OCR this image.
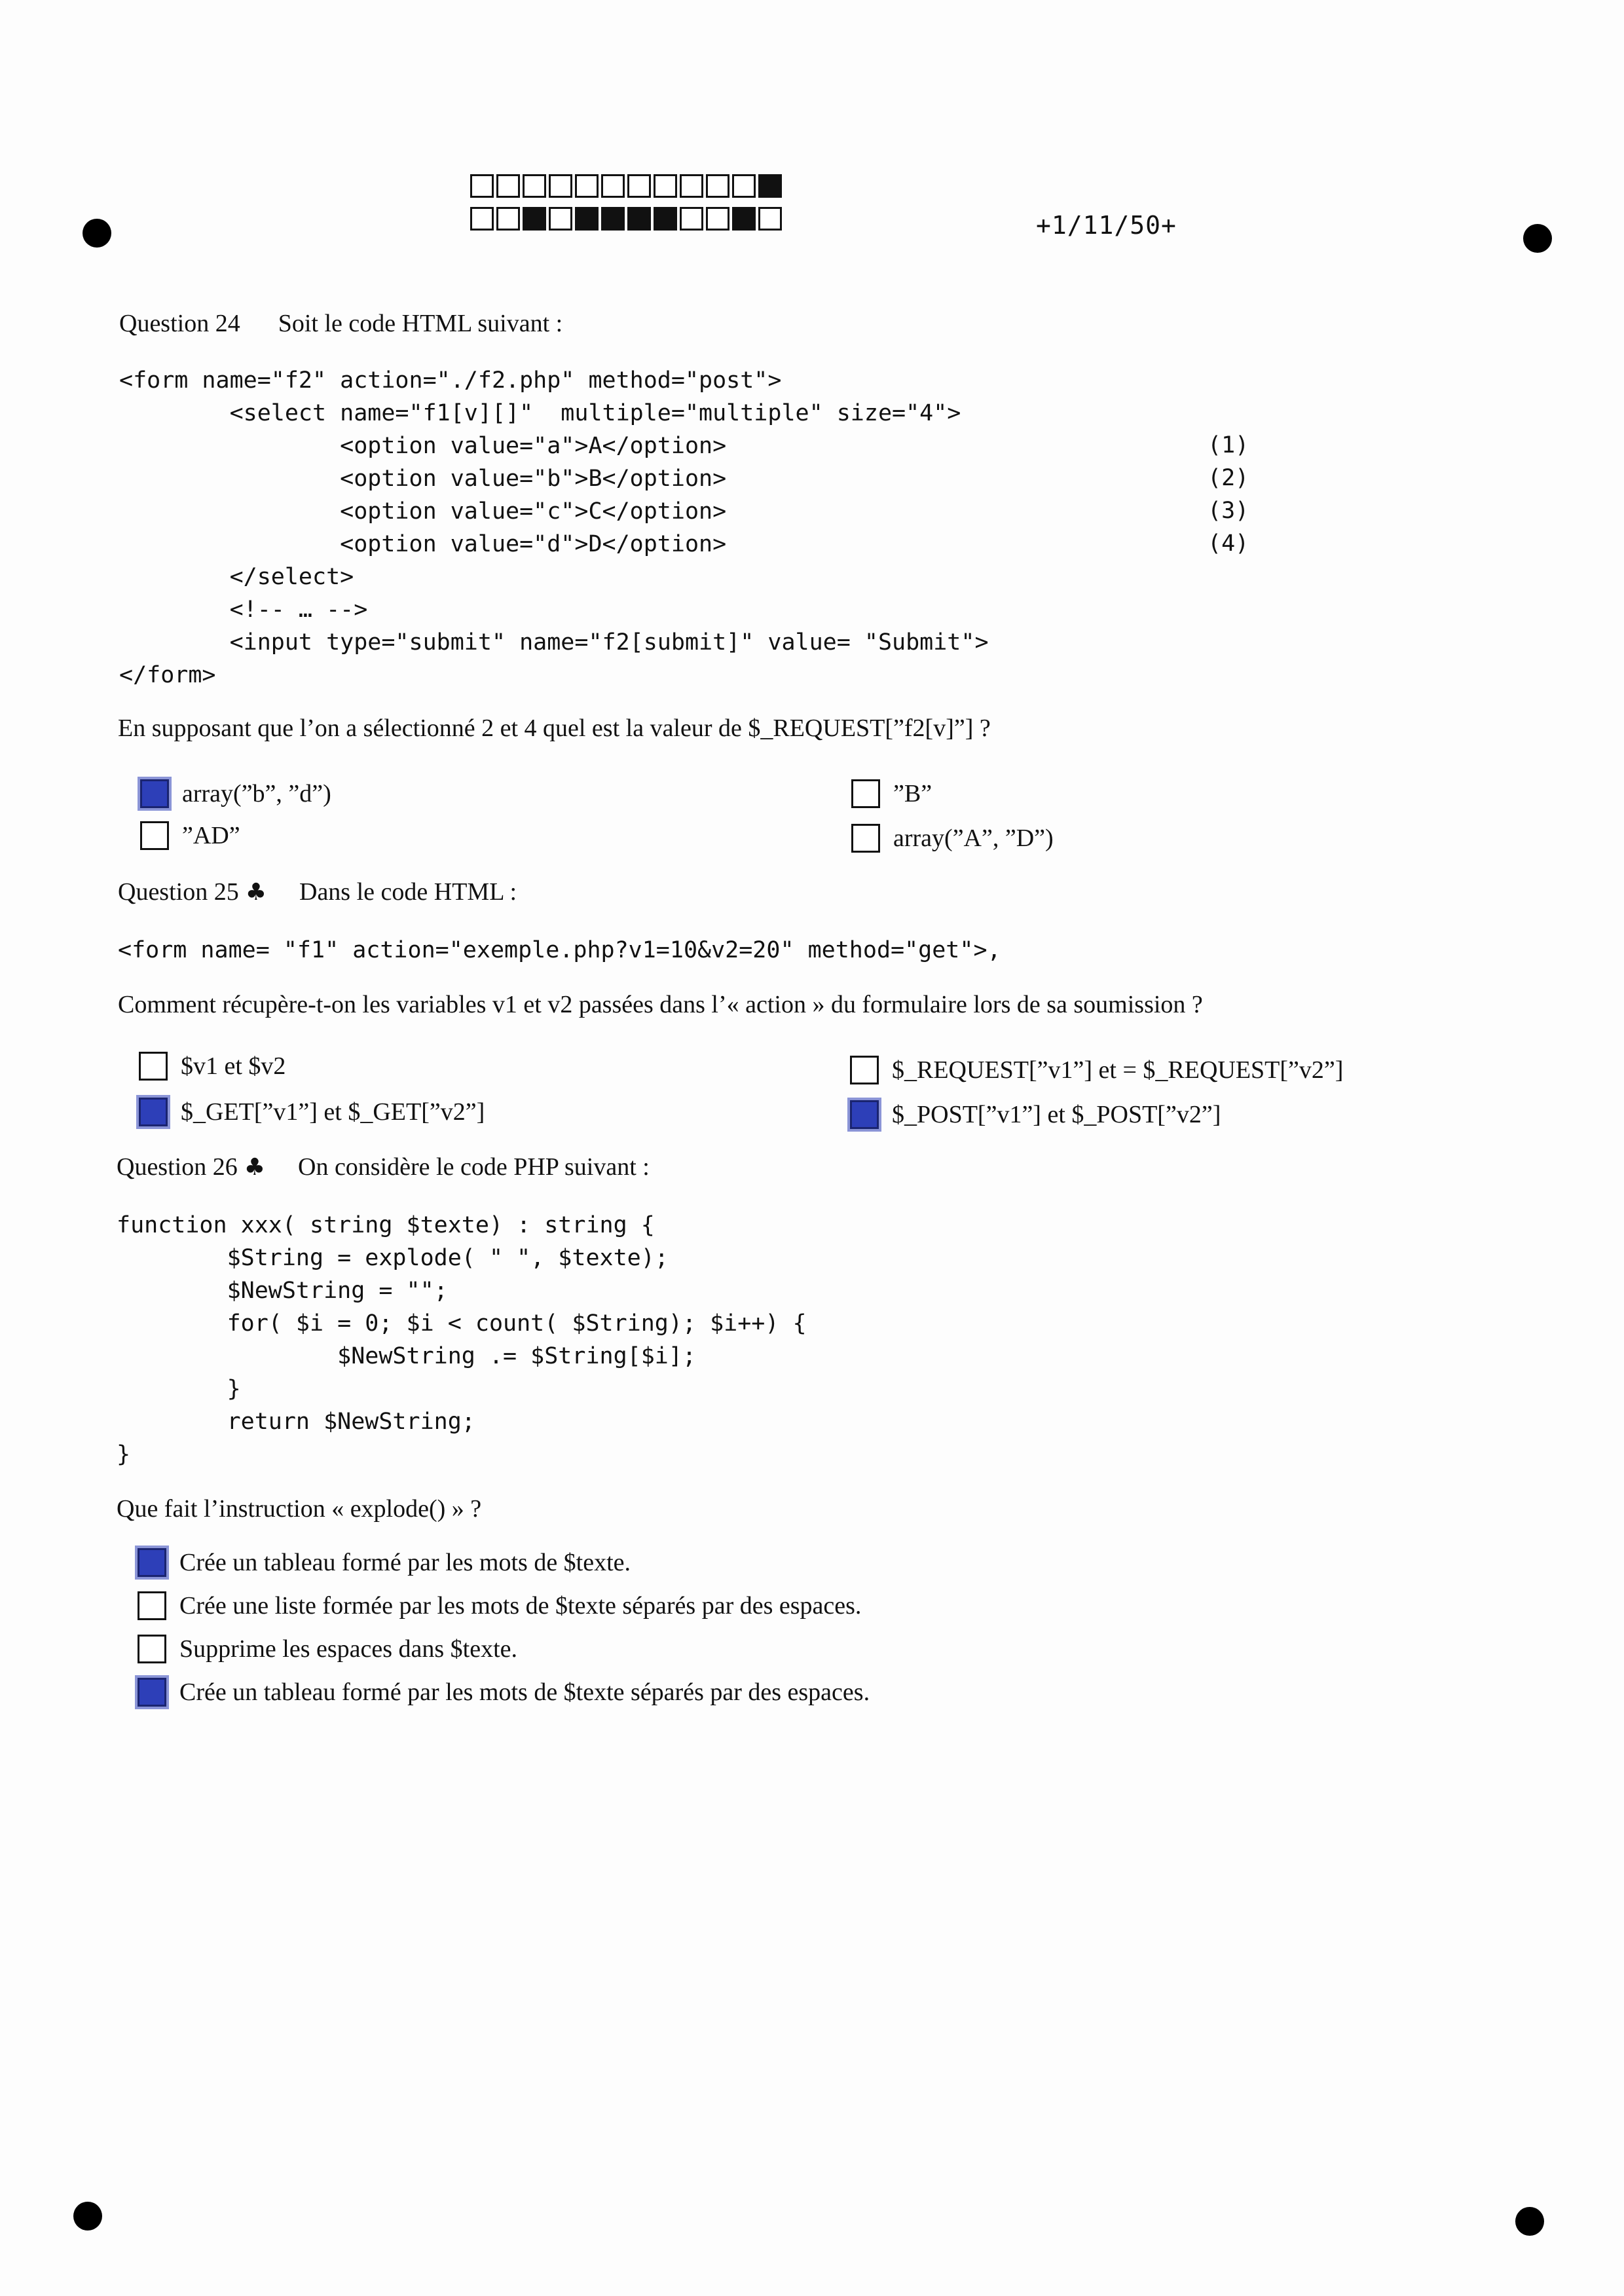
+1/11/50+
Question 24 Soit le code HTML suivant :
<form name="f2" action="./f2.php" method="post">
<select name="f1[v][]"  multiple="multiple" size="4">
<option value="a">A</option>
<option value="b">B</option>
<option value="c">C</option>
<option value="d">D</option>
</select>
<!-- … -->
<input type="submit" name="f2[submit]" value= "Submit">
</form>
(1)
(2)
(3)
(4)
En supposant que l’on a sélectionné 2 et 4 quel est la valeur de $_REQUEST[”f2[v]”] ?
array(”b”, ”d”)	”B”
”AD”	array(”A”, ”D”)
Question 25 ♣ Dans le code HTML :
<form name= "f1" action="exemple.php?v1=10&v2=20" method="get">,
Comment récupère-t-on les variables v1 et v2 passées dans l’« action » du formulaire lors de sa soumission ?
$v1 et $v2	$_REQUEST[”v1”] et = $_REQUEST[”v2”]
$_GET[”v1”] et $_GET[”v2”]	$_POST[”v1”] et $_POST[”v2”]
Question 26 ♣ On considère le code PHP suivant :
function xxx( string $texte) : string {
$String = explode( " ", $texte);
$NewString = "";
for( $i = 0; $i < count( $String); $i++) {
$NewString .= $String[$i];
}
return $NewString;
}
Que fait l’instruction « explode() » ?
Crée un tableau formé par les mots de $texte.
Crée une liste formée par les mots de $texte séparés par des espaces.
Supprime les espaces dans $texte.
Crée un tableau formé par les mots de $texte séparés par des espaces.
